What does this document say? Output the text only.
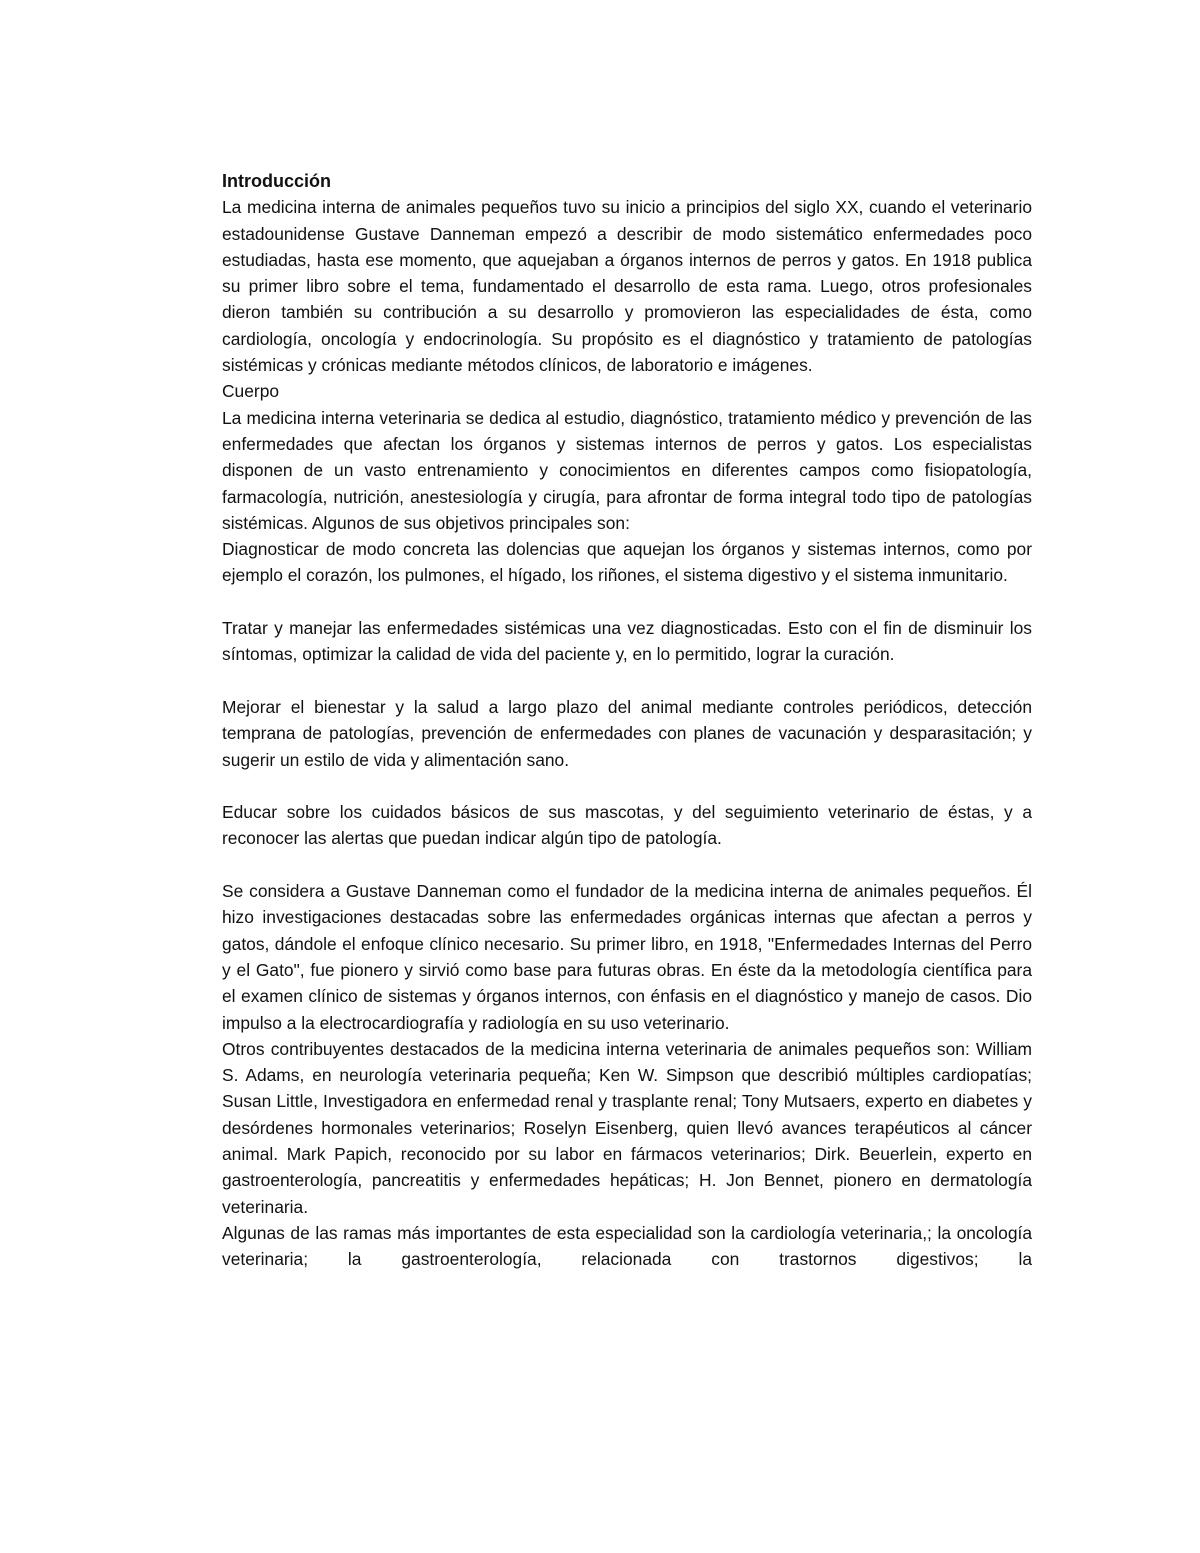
Introducción

La medicina interna de animales pequeños tuvo su inicio a principios del siglo XX, cuando el veterinario estadounidense Gustave Danneman empezó a describir de modo sistemático enfermedades poco estudiadas, hasta ese momento, que aquejaban a órganos internos de perros y gatos. En 1918 publica su primer libro sobre el tema, fundamentado el desarrollo de esta rama. Luego, otros profesionales dieron también su contribución a su desarrollo y promovieron las especialidades de ésta, como cardiología, oncología y endocrinología. Su propósito es el diagnóstico y tratamiento de patologías sistémicas y crónicas mediante métodos clínicos, de laboratorio e imágenes.

Cuerpo

La medicina interna veterinaria se dedica al estudio, diagnóstico, tratamiento médico y prevención de las enfermedades que afectan los órganos y sistemas internos de perros y gatos. Los especialistas disponen de un vasto entrenamiento y conocimientos en diferentes campos como fisiopatología, farmacología, nutrición, anestesiología y cirugía, para afrontar de forma integral todo tipo de patologías sistémicas. Algunos de sus objetivos principales son:

Diagnosticar de modo concreta las dolencias que aquejan los órganos y sistemas internos, como por ejemplo el corazón, los pulmones, el hígado, los riñones, el sistema digestivo y el sistema inmunitario.

Tratar y manejar las enfermedades sistémicas una vez diagnosticadas. Esto con el fin de disminuir los síntomas, optimizar la calidad de vida del paciente y, en lo permitido, lograr la curación.

Mejorar el bienestar y la salud a largo plazo del animal mediante controles periódicos, detección temprana de patologías, prevención de enfermedades con planes de vacunación y desparasitación; y sugerir un estilo de vida y alimentación sano.

Educar sobre los cuidados básicos de sus mascotas, y del seguimiento veterinario de éstas, y a reconocer las alertas que puedan indicar algún tipo de patología.

Se considera a Gustave Danneman como el fundador de la medicina interna de animales pequeños. Él hizo investigaciones destacadas sobre las enfermedades orgánicas internas que afectan a perros y gatos, dándole el enfoque clínico necesario. Su primer libro, en 1918, "Enfermedades Internas del Perro y el Gato", fue pionero y sirvió como base para futuras obras. En éste da la metodología científica para el examen clínico de sistemas y órganos internos, con énfasis en el diagnóstico y manejo de casos. Dio impulso a la electrocardiografía y radiología en su uso veterinario.

Otros contribuyentes destacados de la medicina interna veterinaria de animales pequeños son: William S. Adams, en neurología veterinaria pequeña; Ken W. Simpson que describió múltiples cardiopatías; Susan Little, Investigadora en enfermedad renal y trasplante renal; Tony Mutsaers, experto en diabetes y desórdenes hormonales veterinarios; Roselyn Eisenberg, quien llevó avances terapéuticos al cáncer animal. Mark Papich, reconocido por su labor en fármacos veterinarios; Dirk. Beuerlein, experto en gastroenterología, pancreatitis y enfermedades hepáticas; H. Jon Bennet, pionero en dermatología veterinaria.

Algunas de las ramas más importantes de esta especialidad son la cardiología veterinaria,; la oncología veterinaria; la gastroenterología, relacionada con trastornos digestivos; la
